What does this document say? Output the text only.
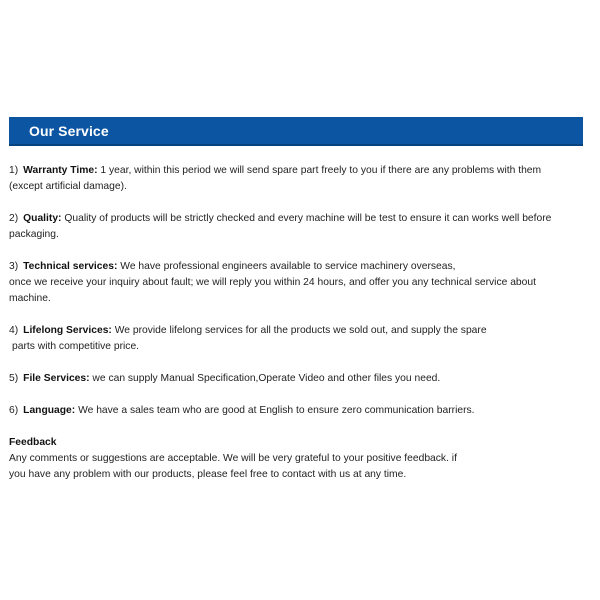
Our Service
1) Warranty Time: 1 year, within this period we will send spare part freely to you if there are any problems with them
(except artificial damage).
2) Quality: Quality of products will be strictly checked and every machine will be test to ensure it can works well before
packaging.
3) Technical services: We have professional engineers available to service machinery overseas,
once we receive your inquiry about fault; we will reply you within 24 hours, and offer you any technical service about
machine.
4) Lifelong Services: We provide lifelong services for all the products we sold out, and supply the spare
parts with competitive price.
5) File Services: we can supply Manual Specification,Operate Video and other files you need.
6) Language: We have a sales team who are good at English to ensure zero communication barriers.
Feedback
Any comments or suggestions are acceptable. We will be very grateful to your positive feedback. if
you have any problem with our products, please feel free to contact with us at any time.
